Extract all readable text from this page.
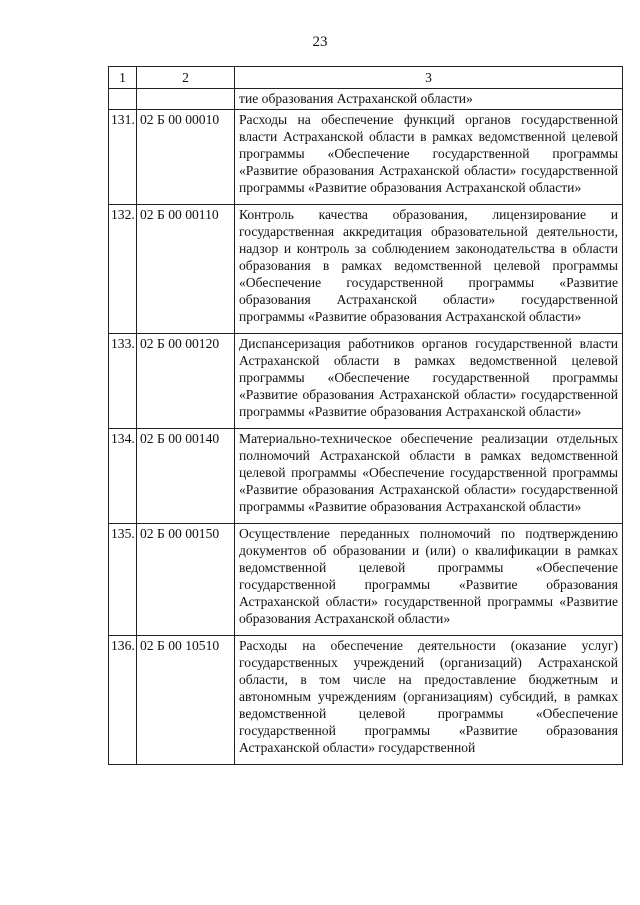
23
1	2	3
		тие образования Астраханской области»
131.	02 Б 00 00010	Расходы на обеспечение функций органов государственной власти Астраханской области в рамках ведомственной целевой программы «Обеспечение государственной программы «Развитие образования Астраханской области» государственной программы «Развитие образования Астраханской области»
132.	02 Б 00 00110	Контроль качества образования, лицензирование и государственная аккредитация образовательной деятельности, надзор и контроль за соблюдением законодательства в области образования в рамках ведомственной целевой программы «Обеспечение государственной программы «Развитие образования Астраханской области» государственной программы «Развитие образования Астраханской области»
133.	02 Б 00 00120	Диспансеризация работников органов государственной власти Астраханской области в рамках ведомственной целевой программы «Обеспечение государственной программы «Развитие образования Астраханской области» государственной программы «Развитие образования Астраханской области»
134.	02 Б 00 00140	Материально-техническое обеспечение реализации отдельных полномочий Астраханской области в рамках ведомственной целевой программы «Обеспечение государственной программы «Развитие образования Астраханской области» государственной программы «Развитие образования Астраханской области»
135.	02 Б 00 00150	Осуществление переданных полномочий по подтверждению документов об образовании и (или) о квалификации в рамках ведомственной целевой программы «Обеспечение государственной программы «Развитие образования Астраханской области» государственной программы «Развитие образования Астраханской области»
136.	02 Б 00 10510	Расходы на обеспечение деятельности (оказание услуг) государственных учреждений (организаций) Астраханской области, в том числе на предоставление бюджетным и автономным учреждениям (организациям) субсидий, в рамках ведомственной целевой программы «Обеспечение государственной программы «Развитие образования Астраханской области» государственной
